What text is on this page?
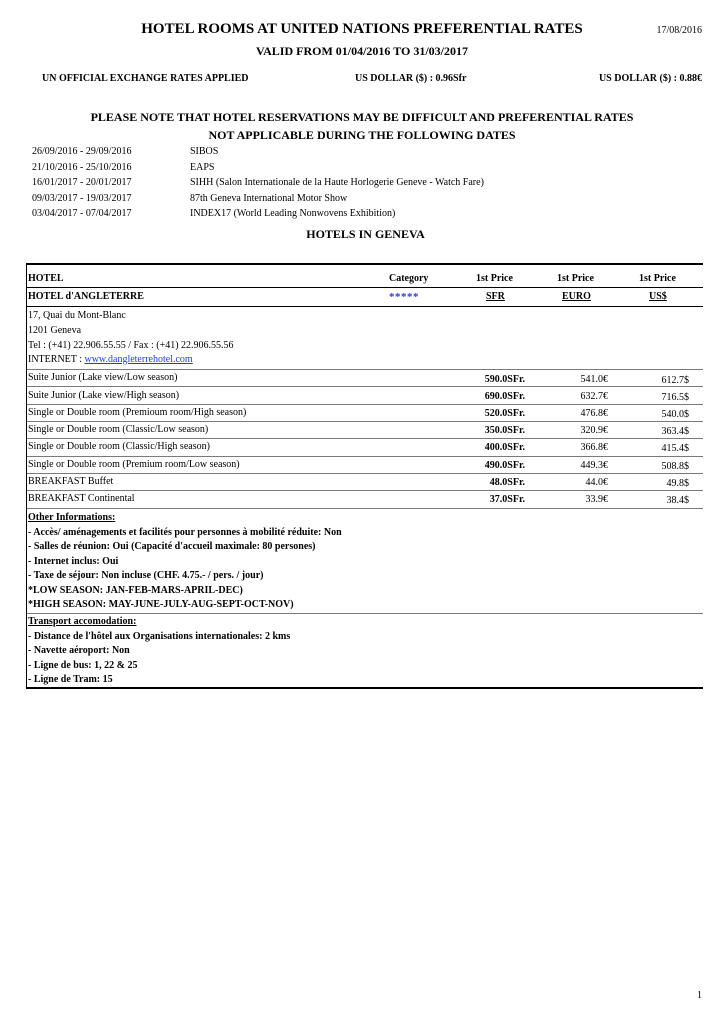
HOTEL ROOMS AT UNITED NATIONS PREFERENTIAL RATES	17/08/2016
VALID FROM 01/04/2016 TO 31/03/2017
UN OFFICIAL EXCHANGE RATES APPLIED	US DOLLAR ($) : 0.96Sfr	US DOLLAR ($) : 0.88€
PLEASE NOTE THAT HOTEL RESERVATIONS MAY BE DIFFICULT AND PREFERENTIAL RATES
NOT APPLICABLE DURING THE FOLLOWING DATES
26/09/2016 - 29/09/2016	SIBOS
21/10/2016 - 25/10/2016	EAPS
16/01/2017 - 20/01/2017	SIHH (Salon Internationale de la Haute Horlogerie Geneve - Watch Fare)
09/03/2017 - 19/03/2017	87th Geneva International Motor Show
03/04/2017 - 07/04/2017	INDEX17 (World Leading Nonwovens Exhibition)
HOTELS IN GENEVA
HOTEL	Category	1st Price	1st Price	1st Price
HOTEL d'ANGLETERRE	*****	SFR	EURO	US$
17, Quai du Mont-Blanc
1201 Geneva
Tel : (+41) 22.906.55.55 / Fax : (+41) 22.906.55.56
INTERNET : www.dangleterrehotel.com
Suite Junior (Lake view/Low season)	590.0SFr.	541.0€	612.7$
Suite Junior (Lake view/High season)	690.0SFr.	632.7€	716.5$
Single or Double room (Premioum room/High season)	520.0SFr.	476.8€	540.0$
Single or Double room (Classic/Low season)	350.0SFr.	320.9€	363.4$
Single or Double room (Classic/High season)	400.0SFr.	366.8€	415.4$
Single or Double room (Premium room/Low season)	490.0SFr.	449.3€	508.8$
BREAKFAST Buffet	48.0SFr.	44.0€	49.8$
BREAKFAST Continental	37.0SFr.	33.9€	38.4$
Other Informations:
- Accès/ aménagements et facilités pour personnes à mobilité réduite: Non
- Salles de réunion: Oui (Capacité d'accueil maximale: 80 persones)
- Internet inclus: Oui
- Taxe de séjour: Non incluse (CHF. 4.75.- / pers. / jour)
*LOW SEASON: JAN-FEB-MARS-APRIL-DEC)
*HIGH SEASON: MAY-JUNE-JULY-AUG-SEPT-OCT-NOV)
Transport accomodation:
- Distance de l'hôtel aux Organisations internationales: 2 kms
- Navette aéroport: Non
- Ligne de bus: 1, 22 & 25
- Ligne de Tram: 15
1
